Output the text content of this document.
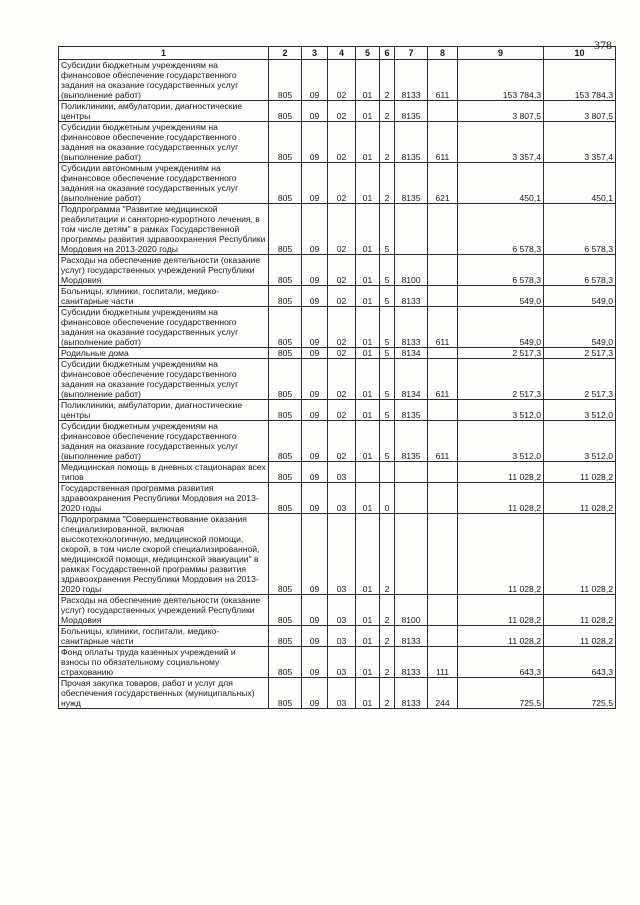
378
1	2	3	4	5	6	7	8	9	10
Субсидии бюджетным учреждениям на финансовое обеспечение государственного задания на оказание государственных услуг (выполнение работ)	805	09	02	01	2	8133	611	153 784,3	153 784,3
Поликлиники, амбулатории, диагностические центры	805	09	02	01	2	8135		3 807,5	3 807,5
Субсидии бюджетным учреждениям на финансовое обеспечение государственного задания на оказание государственных услуг (выполнение работ)	805	09	02	01	2	8135	611	3 357,4	3 357,4
Субсидии автономным учреждениям на финансовое обеспечение государственного задания на оказание государственных услуг (выполнение работ)	805	09	02	01	2	8135	621	450,1	450,1
Подпрограмма "Развитие медицинской реабилитации и санаторно-курортного лечения, в том числе детям" в рамках Государственной программы развития здравоохранения Республики Мордовия на 2013-2020 годы	805	09	02	01	5			6 578,3	6 578,3
Расходы на обеспечение деятельности (оказание услуг) государственных учреждений Республики Мордовия	805	09	02	01	5	8100		6 578,3	6 578,3
Больницы, клиники, госпитали, медико-санитарные части	805	09	02	01	5	8133		549,0	549,0
Субсидии бюджетным учреждениям на финансовое обеспечение государственного задания на оказание государственных услуг (выполнение работ)	805	09	02	01	5	8133	611	549,0	549,0
Родильные дома	805	09	02	01	5	8134		2 517,3	2 517,3
Субсидии бюджетным учреждениям на финансовое обеспечение государственного задания на оказание государственных услуг (выполнение работ)	805	09	02	01	5	8134	611	2 517,3	2 517,3
Поликлиники, амбулатории, диагностические центры	805	09	02	01	5	8135		3 512,0	3 512,0
Субсидии бюджетным учреждениям на финансовое обеспечение государственного задания на оказание государственных услуг (выполнение работ)	805	09	02	01	5	8135	611	3 512,0	3 512,0
Медицинская помощь в дневных стационарах всех типов	805	09	03					11 028,2	11 028,2
Государственная программа развития здравоохранения Республики Мордовия на 2013-2020 годы	805	09	03	01	0			11 028,2	11 028,2
Подпрограмма "Совершенствование оказания специализированной, включая высокотехнологичную, медицинской помощи, скорой, в том числе скорой специализированной, медицинской помощи, медицинской эвакуации" в рамках Государственной программы развития здравоохранения Республики Мордовия на 2013-2020 годы	805	09	03	01	2			11 028,2	11 028,2
Расходы на обеспечение деятельности (оказание услуг) государственных учреждений Республики Мордовия	805	09	03	01	2	8100		11 028,2	11 028,2
Больницы, клиники, госпитали, медико-санитарные части	805	09	03	01	2	8133		11 028,2	11 028,2
Фонд оплаты труда казенных учреждений и взносы по обязательному социальному страхованию	805	09	03	01	2	8133	111	643,3	643,3
Прочая закупка товаров, работ и услуг для обеспечения государственных (муниципальных) нужд	805	09	03	01	2	8133	244	725,5	725,5
